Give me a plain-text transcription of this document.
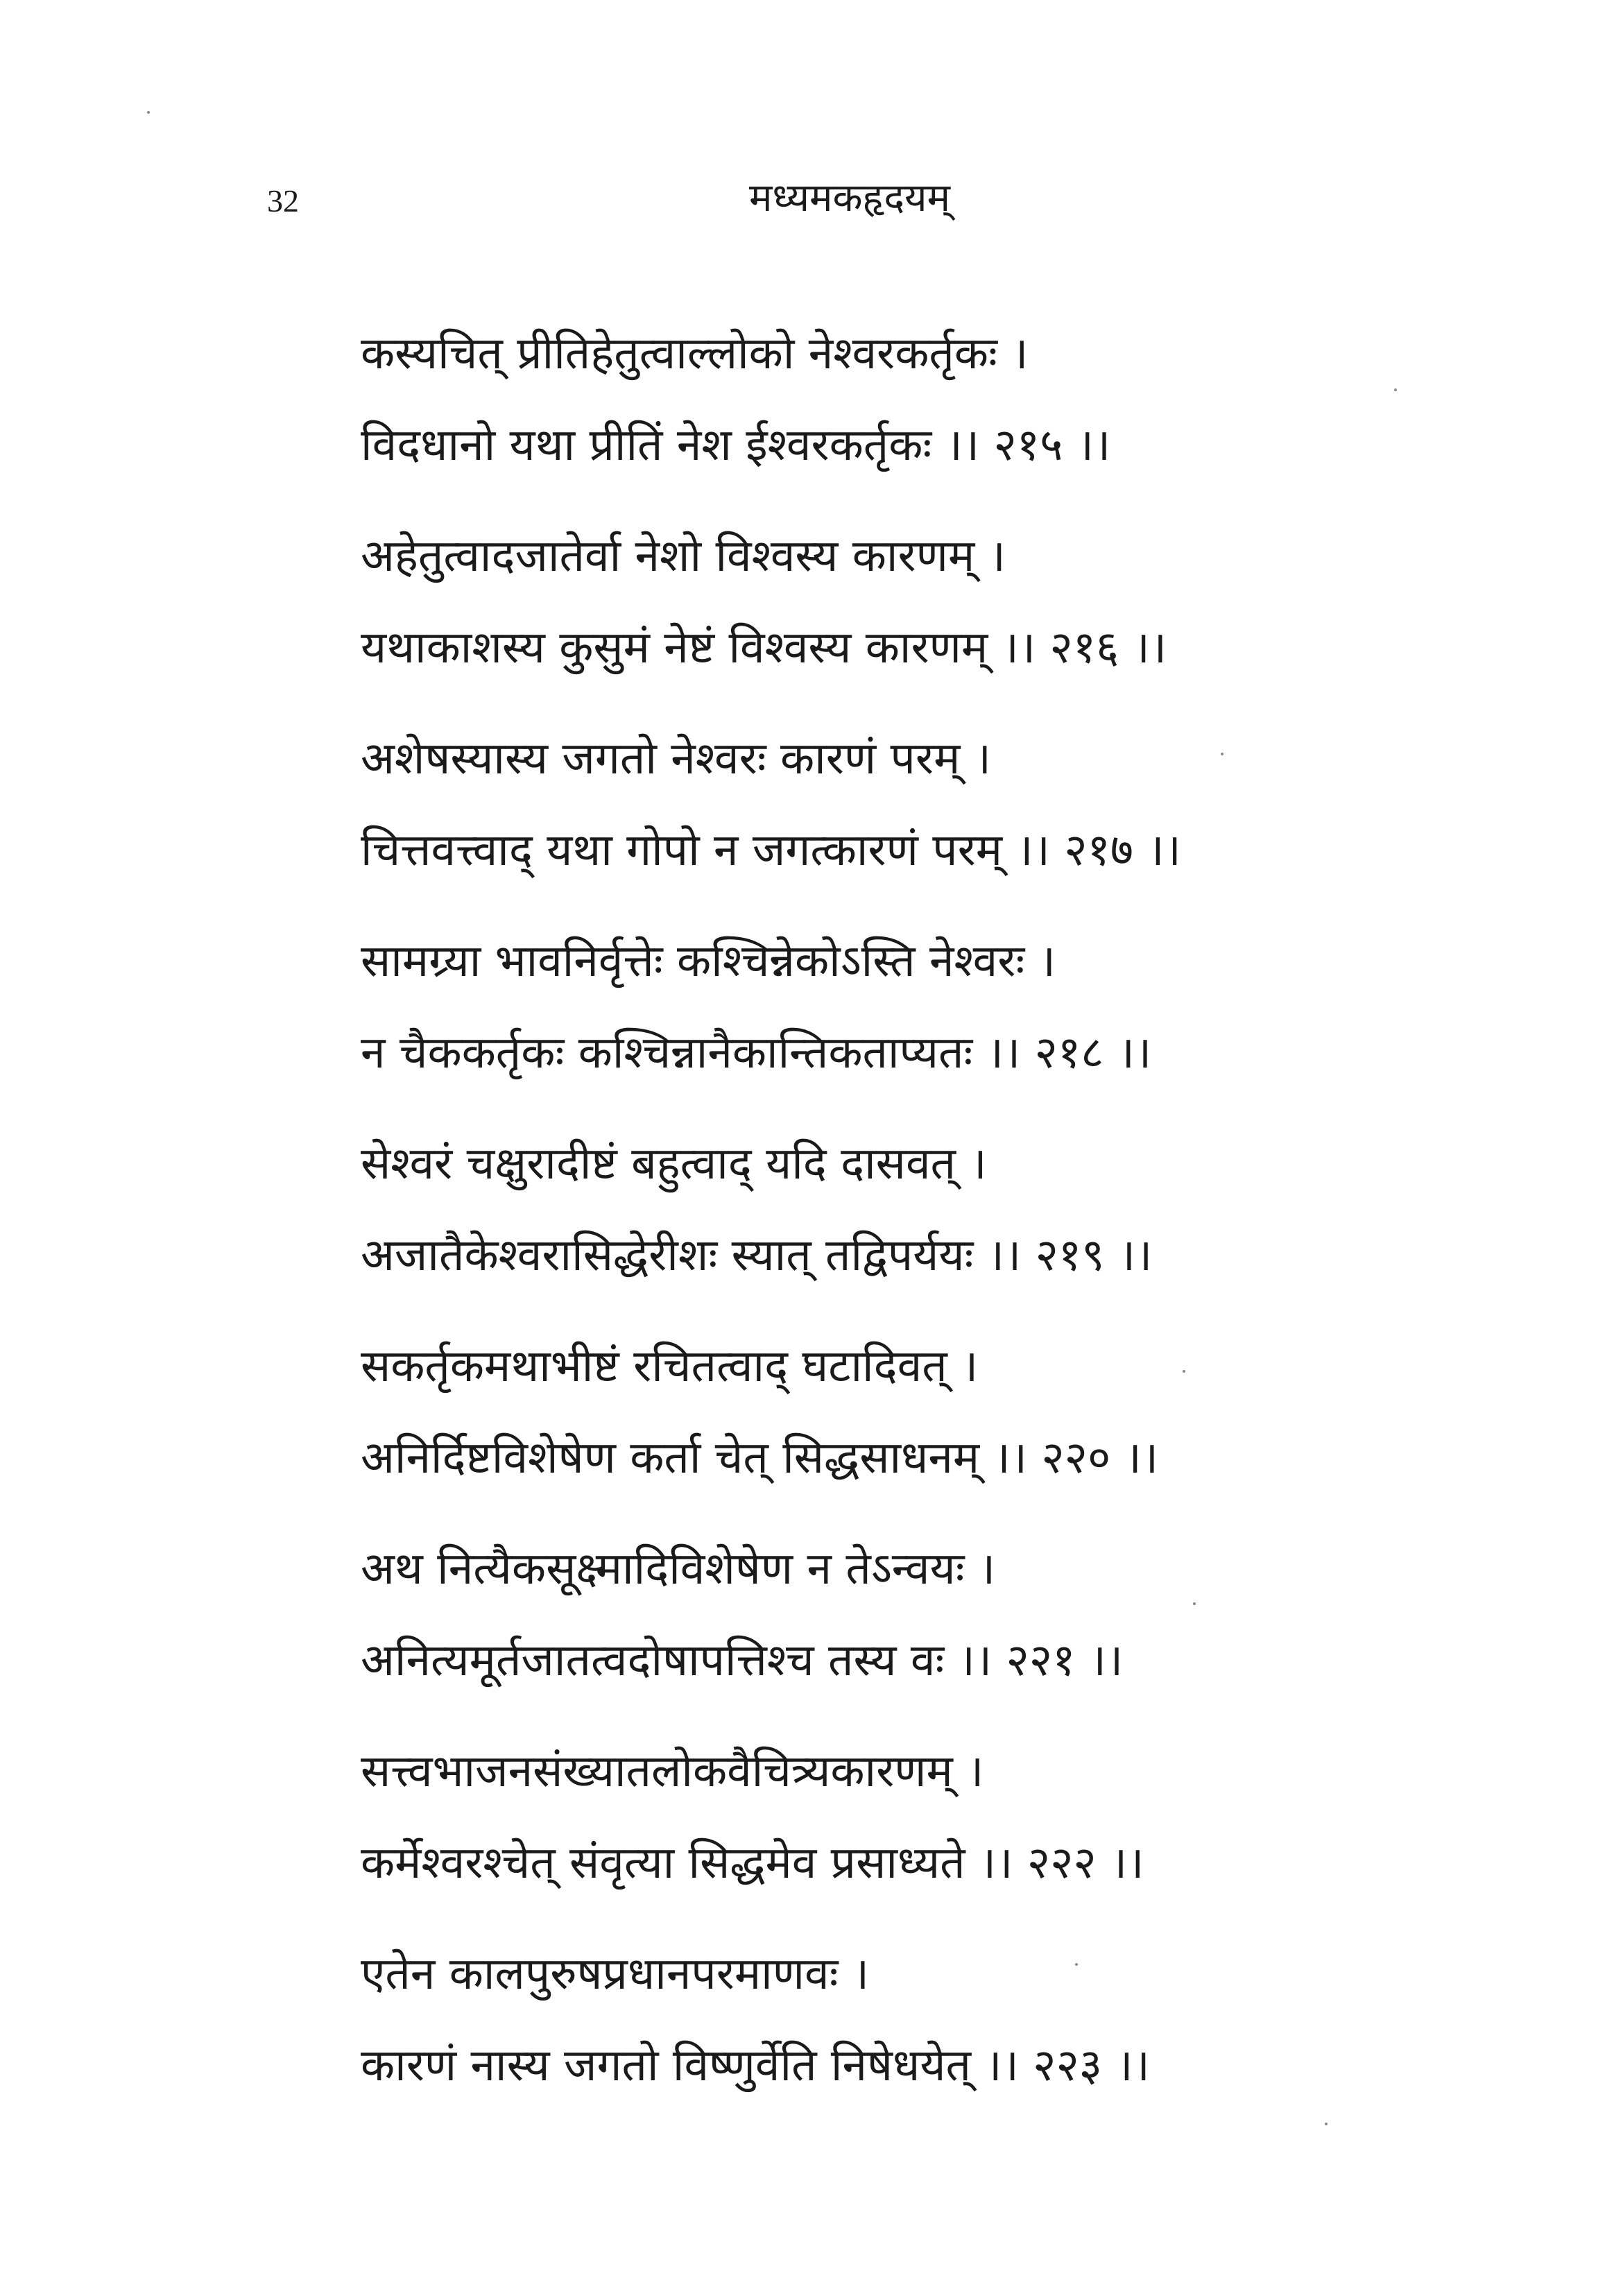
32	मध्यमकहृदयम्
कस्यचित् प्रीतिहेतुत्वाल्लोको नेश्वरकर्तृकः ।
विदधानो यथा प्रीतिं नेश ईश्वरकर्तृकः ।। २१५ ।।
अहेतुत्वादजातेर्वा नेशो विश्वस्य कारणम् ।
यथाकाशस्य कुसुमं नेष्टं विश्वस्य कारणम् ।। २१६ ।।
अशेषस्यास्य जगतो नेश्वरः कारणं परम् ।
चित्तवत्त्वाद् यथा गोपो न जगत्कारणं परम् ।। २१७ ।।
सामग्र्या भावनिर्वृत्तेः कश्चिन्नेकोऽस्ति नेश्वरः ।
न चैककर्तृकः कश्चिन्नानैकान्तिकताप्यतः ।। २१८ ।।
सेश्वरं चक्षुरादीष्टं बहुत्वाद् यदि दासवत् ।
अजातैकेश्वरासिद्धेरीशः स्यात् तद्विपर्ययः ।। २१९ ।।
सकर्तृकमथाभीष्टं रचितत्वाद् घटादिवत् ।
अनिर्दिष्टविशेषेण कर्ता चेत् सिद्धसाधनम् ।। २२० ।।
अथ नित्यैकसूक्ष्मादिविशेषेण न तेऽन्वयः ।
अनित्यमूर्तजातत्वदोषापत्तिश्च तस्य वः ।। २२१ ।।
सत्त्वभाजनसंख्यातलोकवैचित्र्यकारणम् ।
कर्मेश्वरश्चेत् संवृत्या सिद्धमेव प्रसाध्यते ।। २२२ ।।
एतेन कालपुरुषप्रधानपरमाणवः ।
कारणं नास्य जगतो विष्णुर्वेति निषेधयेत् ।। २२३ ।।
